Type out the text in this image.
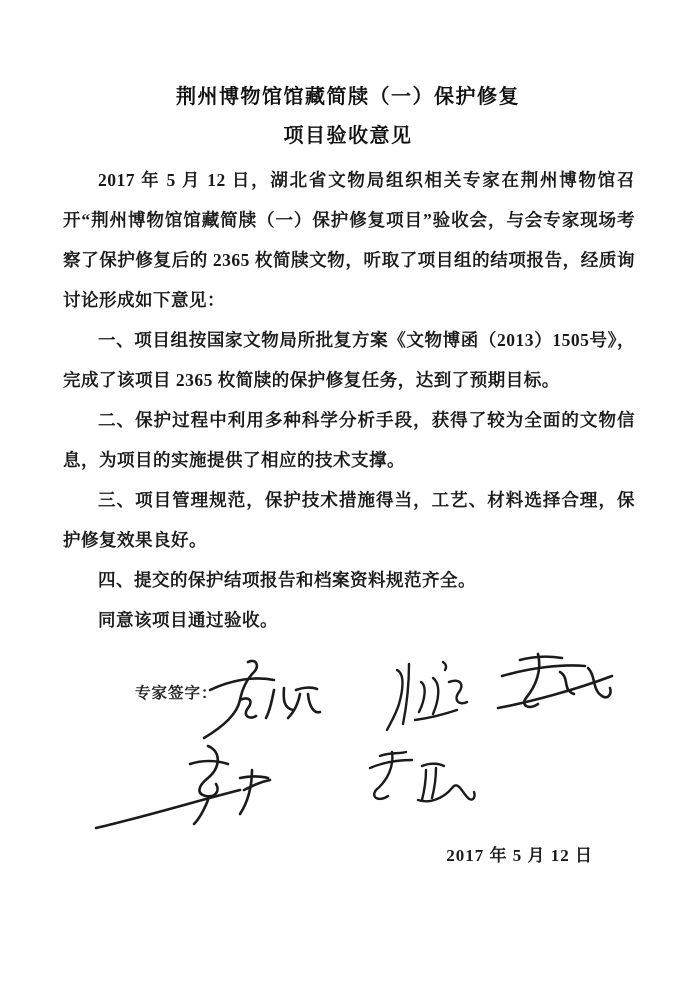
荆州博物馆馆藏简牍（一）保护修复
项目验收意见

2017 年 5 月 12 日，湖北省文物局组织相关专家在荆州博物馆召开“荆州博物馆馆藏简牍（一）保护修复项目”验收会，与会专家现场考察了保护修复后的 2365 枚简牍文物，听取了项目组的结项报告，经质询讨论形成如下意见：

一、项目组按国家文物局所批复方案《文物博函（2013）1505号》，完成了该项目 2365 枚简牍的保护修复任务，达到了预期目标。

二、保护过程中利用多种科学分析手段，获得了较为全面的文物信息，为项目的实施提供了相应的技术支撑。

三、项目管理规范，保护技术措施得当，工艺、材料选择合理，保护修复效果良好。

四、提交的保护结项报告和档案资料规范齐全。

同意该项目通过验收。

专家签字：
2017 年 5 月 12 日
